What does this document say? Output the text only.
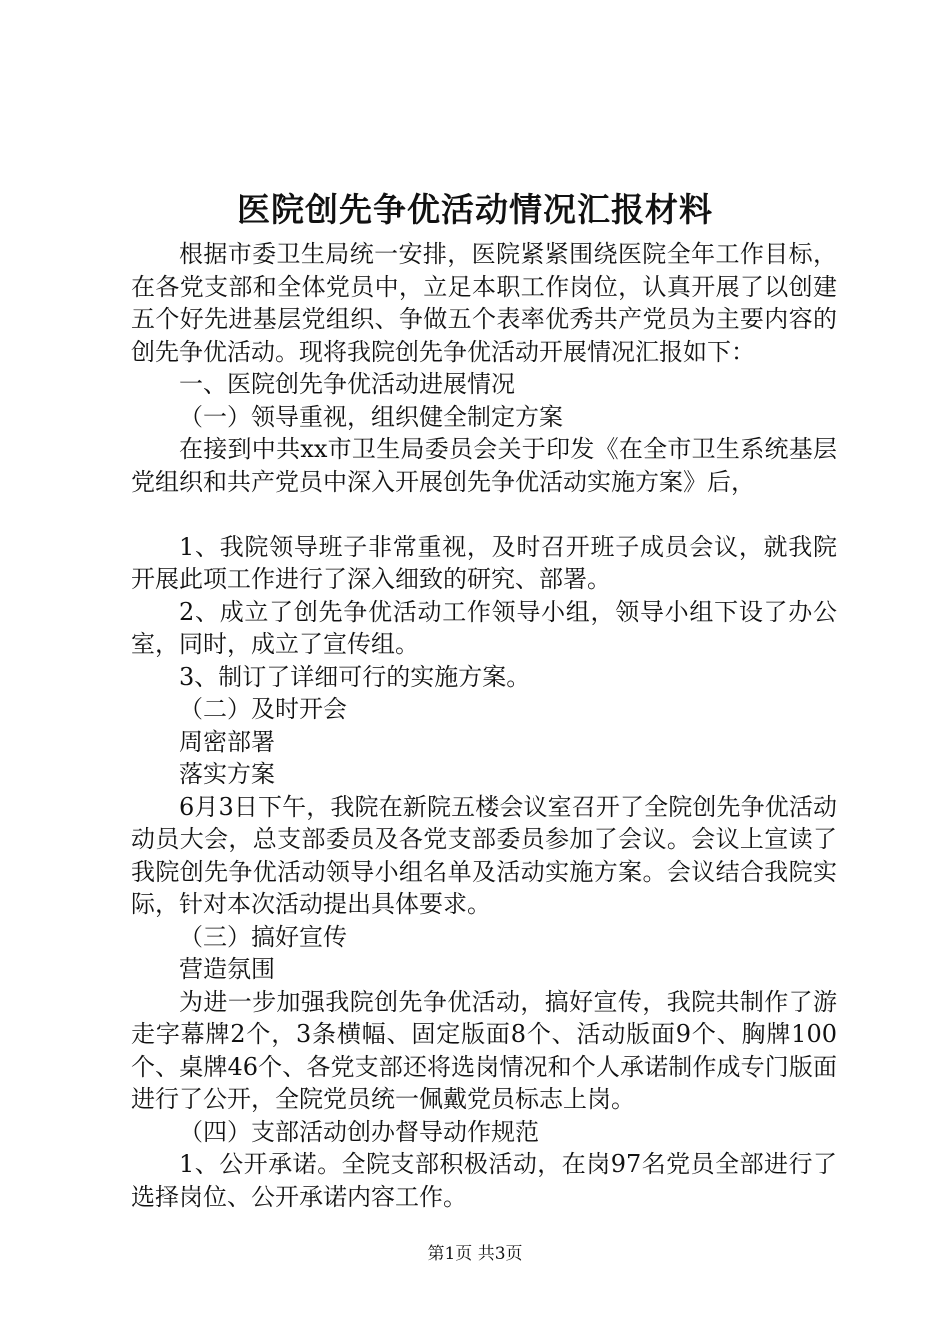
医院创先争优活动情况汇报材料

根据市委卫生局统一安排，医院紧紧围绕医院全年工作目标，在各党支部和全体党员中，立足本职工作岗位，认真开展了以创建五个好先进基层党组织、争做五个表率优秀共产党员为主要内容的创先争优活动。现将我院创先争优活动开展情况汇报如下：

一、医院创先争优活动进展情况

（一）领导重视，组织健全制定方案

在接到中共xx市卫生局委员会关于印发《在全市卫生系统基层党组织和共产党员中深入开展创先争优活动实施方案》后，

1、我院领导班子非常重视，及时召开班子成员会议，就我院开展此项工作进行了深入细致的研究、部署。

2、成立了创先争优活动工作领导小组，领导小组下设了办公室，同时，成立了宣传组。

3、制订了详细可行的实施方案。

（二）及时开会

周密部署

落实方案

6月3日下午，我院在新院五楼会议室召开了全院创先争优活动动员大会，总支部委员及各党支部委员参加了会议。会议上宣读了我院创先争优活动领导小组名单及活动实施方案。会议结合我院实际，针对本次活动提出具体要求。

（三）搞好宣传

营造氛围

为进一步加强我院创先争优活动，搞好宣传，我院共制作了游走字幕牌2个，3条横幅、固定版面8个、活动版面9个、胸牌100个、桌牌46个、各党支部还将选岗情况和个人承诺制作成专门版面进行了公开，全院党员统一佩戴党员标志上岗。

（四）支部活动创办督导动作规范

1、公开承诺。全院支部积极活动，在岗97名党员全部进行了选择岗位、公开承诺内容工作。

第1页 共3页
